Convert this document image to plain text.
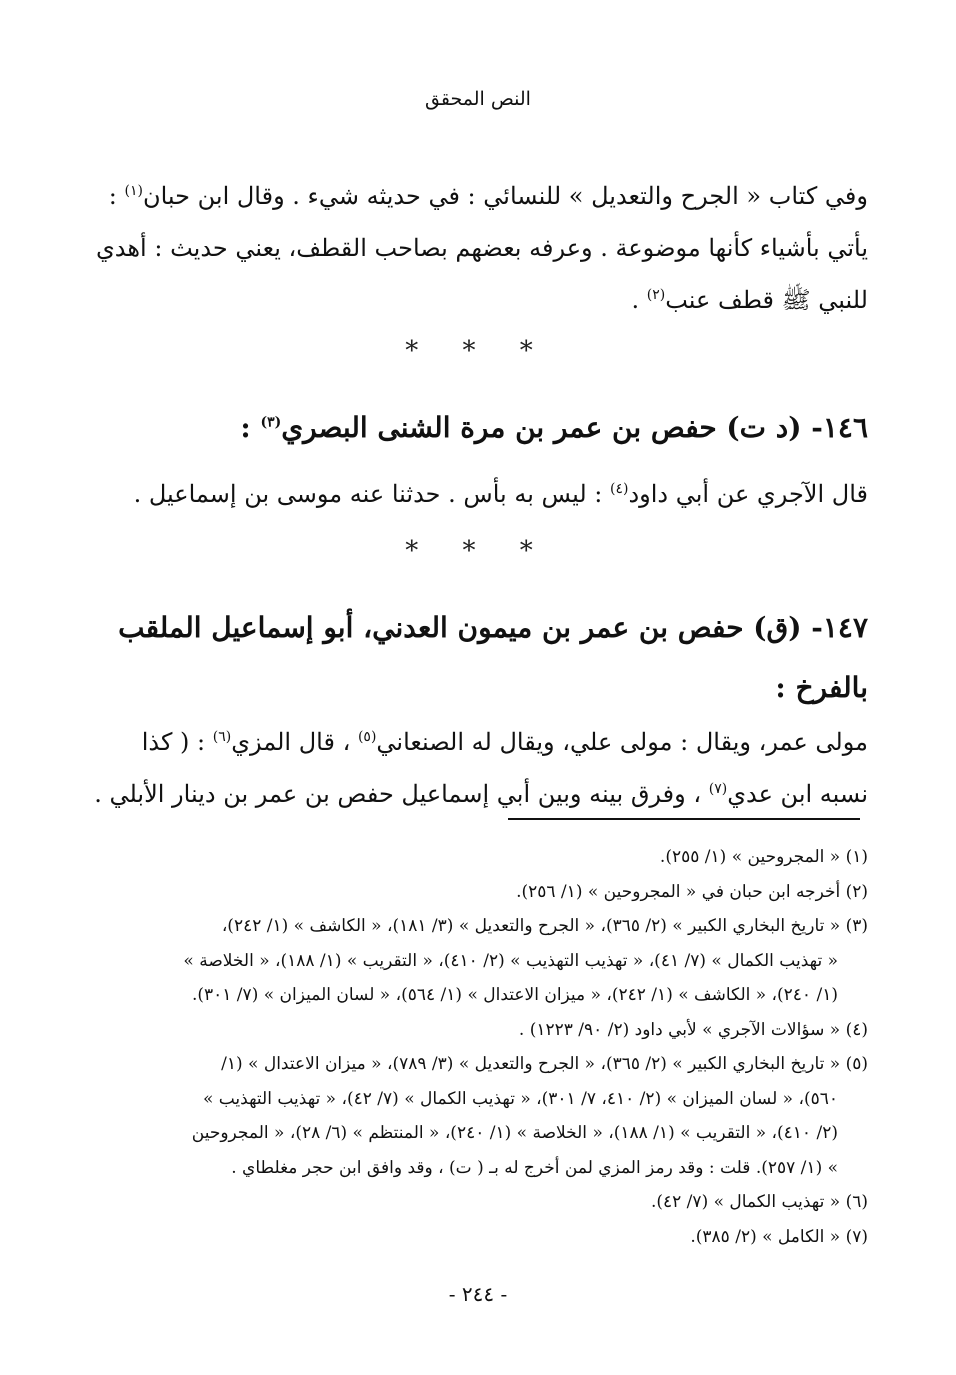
النص المحقق
وفي كتاب « الجرح والتعديل » للنسائي : في حديثه شيء . وقال ابن حبان$^{(١)}$ :
يأتي بأشياء كأنها موضوعة . وعرفه بعضهم بصاحب القطف، يعني حديث : أهدي
للنبي ﷺ قطف عنب$^{(٢)}$ .
* * *
١٤٦- (د ت) حفص بن عمر بن مرة الشنى البصري$^{(٣)}$ :
قال الآجري عن أبي داود$^{(٤)}$ : ليس به بأس . حدثنا عنه موسى بن إسماعيل .
* * *
١٤٧- (ق) حفص بن عمر بن ميمون العدني، أبو إسماعيل الملقب
بالفرخ :
مولى عمر، ويقال : مولى علي، ويقال له الصنعاني$^{(٥)}$ ، قال المزي$^{(٦)}$ : ( كذا
نسبه ابن عدي$^{(٧)}$ ، وفرق بينه وبين أبي إسماعيل حفص بن عمر بن دينار الأبلي .

(١) « المجروحين » (١/ ٢٥٥).

(٢) أخرجه ابن حبان في « المجروحين » (١/ ٢٥٦).

(٣) « تاريخ البخاري الكبير » (٢/ ٣٦٥)، « الجرح والتعديل » (٣/ ١٨١)، « الكاشف » (١/ ٢٤٢)،

« تهذيب الكمال » (٧/ ٤١)، « تهذيب التهذيب » (٢/ ٤١٠)، « التقريب » (١/ ١٨٨)، « الخلاصة »

(١/ ٢٤٠)، « الكاشف » (١/ ٢٤٢)، « ميزان الاعتدال » (١/ ٥٦٤)، « لسان الميزان » (٧/ ٣٠١).

(٤) « سؤالات الآجري » لأبي داود (٢/ ٩٠/ ١٢٢٣) .

(٥) « تاريخ البخاري الكبير » (٢/ ٣٦٥)، « الجرح والتعديل » (٣/ ٧٨٩)، « ميزان الاعتدال » (١/

٥٦٠)، « لسان الميزان » (٢/ ٤١٠، ٧/ ٣٠١)، « تهذيب الكمال » (٧/ ٤٢)، « تهذيب التهذيب »

(٢/ ٤١٠)، « التقريب » (١/ ١٨٨)، « الخلاصة » (١/ ٢٤٠)، « المنتظم » (٦/ ٢٨)، « المجروحين

» (١/ ٢٥٧). قلت : وقد رمز المزي لمن أخرج له بـ ( ت) ، وقد وافق ابن حجر مغلطاي .

(٦) « تهذيب الكمال » (٧/ ٤٢).

(٧) « الكامل » (٢/ ٣٨٥).

- ٢٤٤ -
